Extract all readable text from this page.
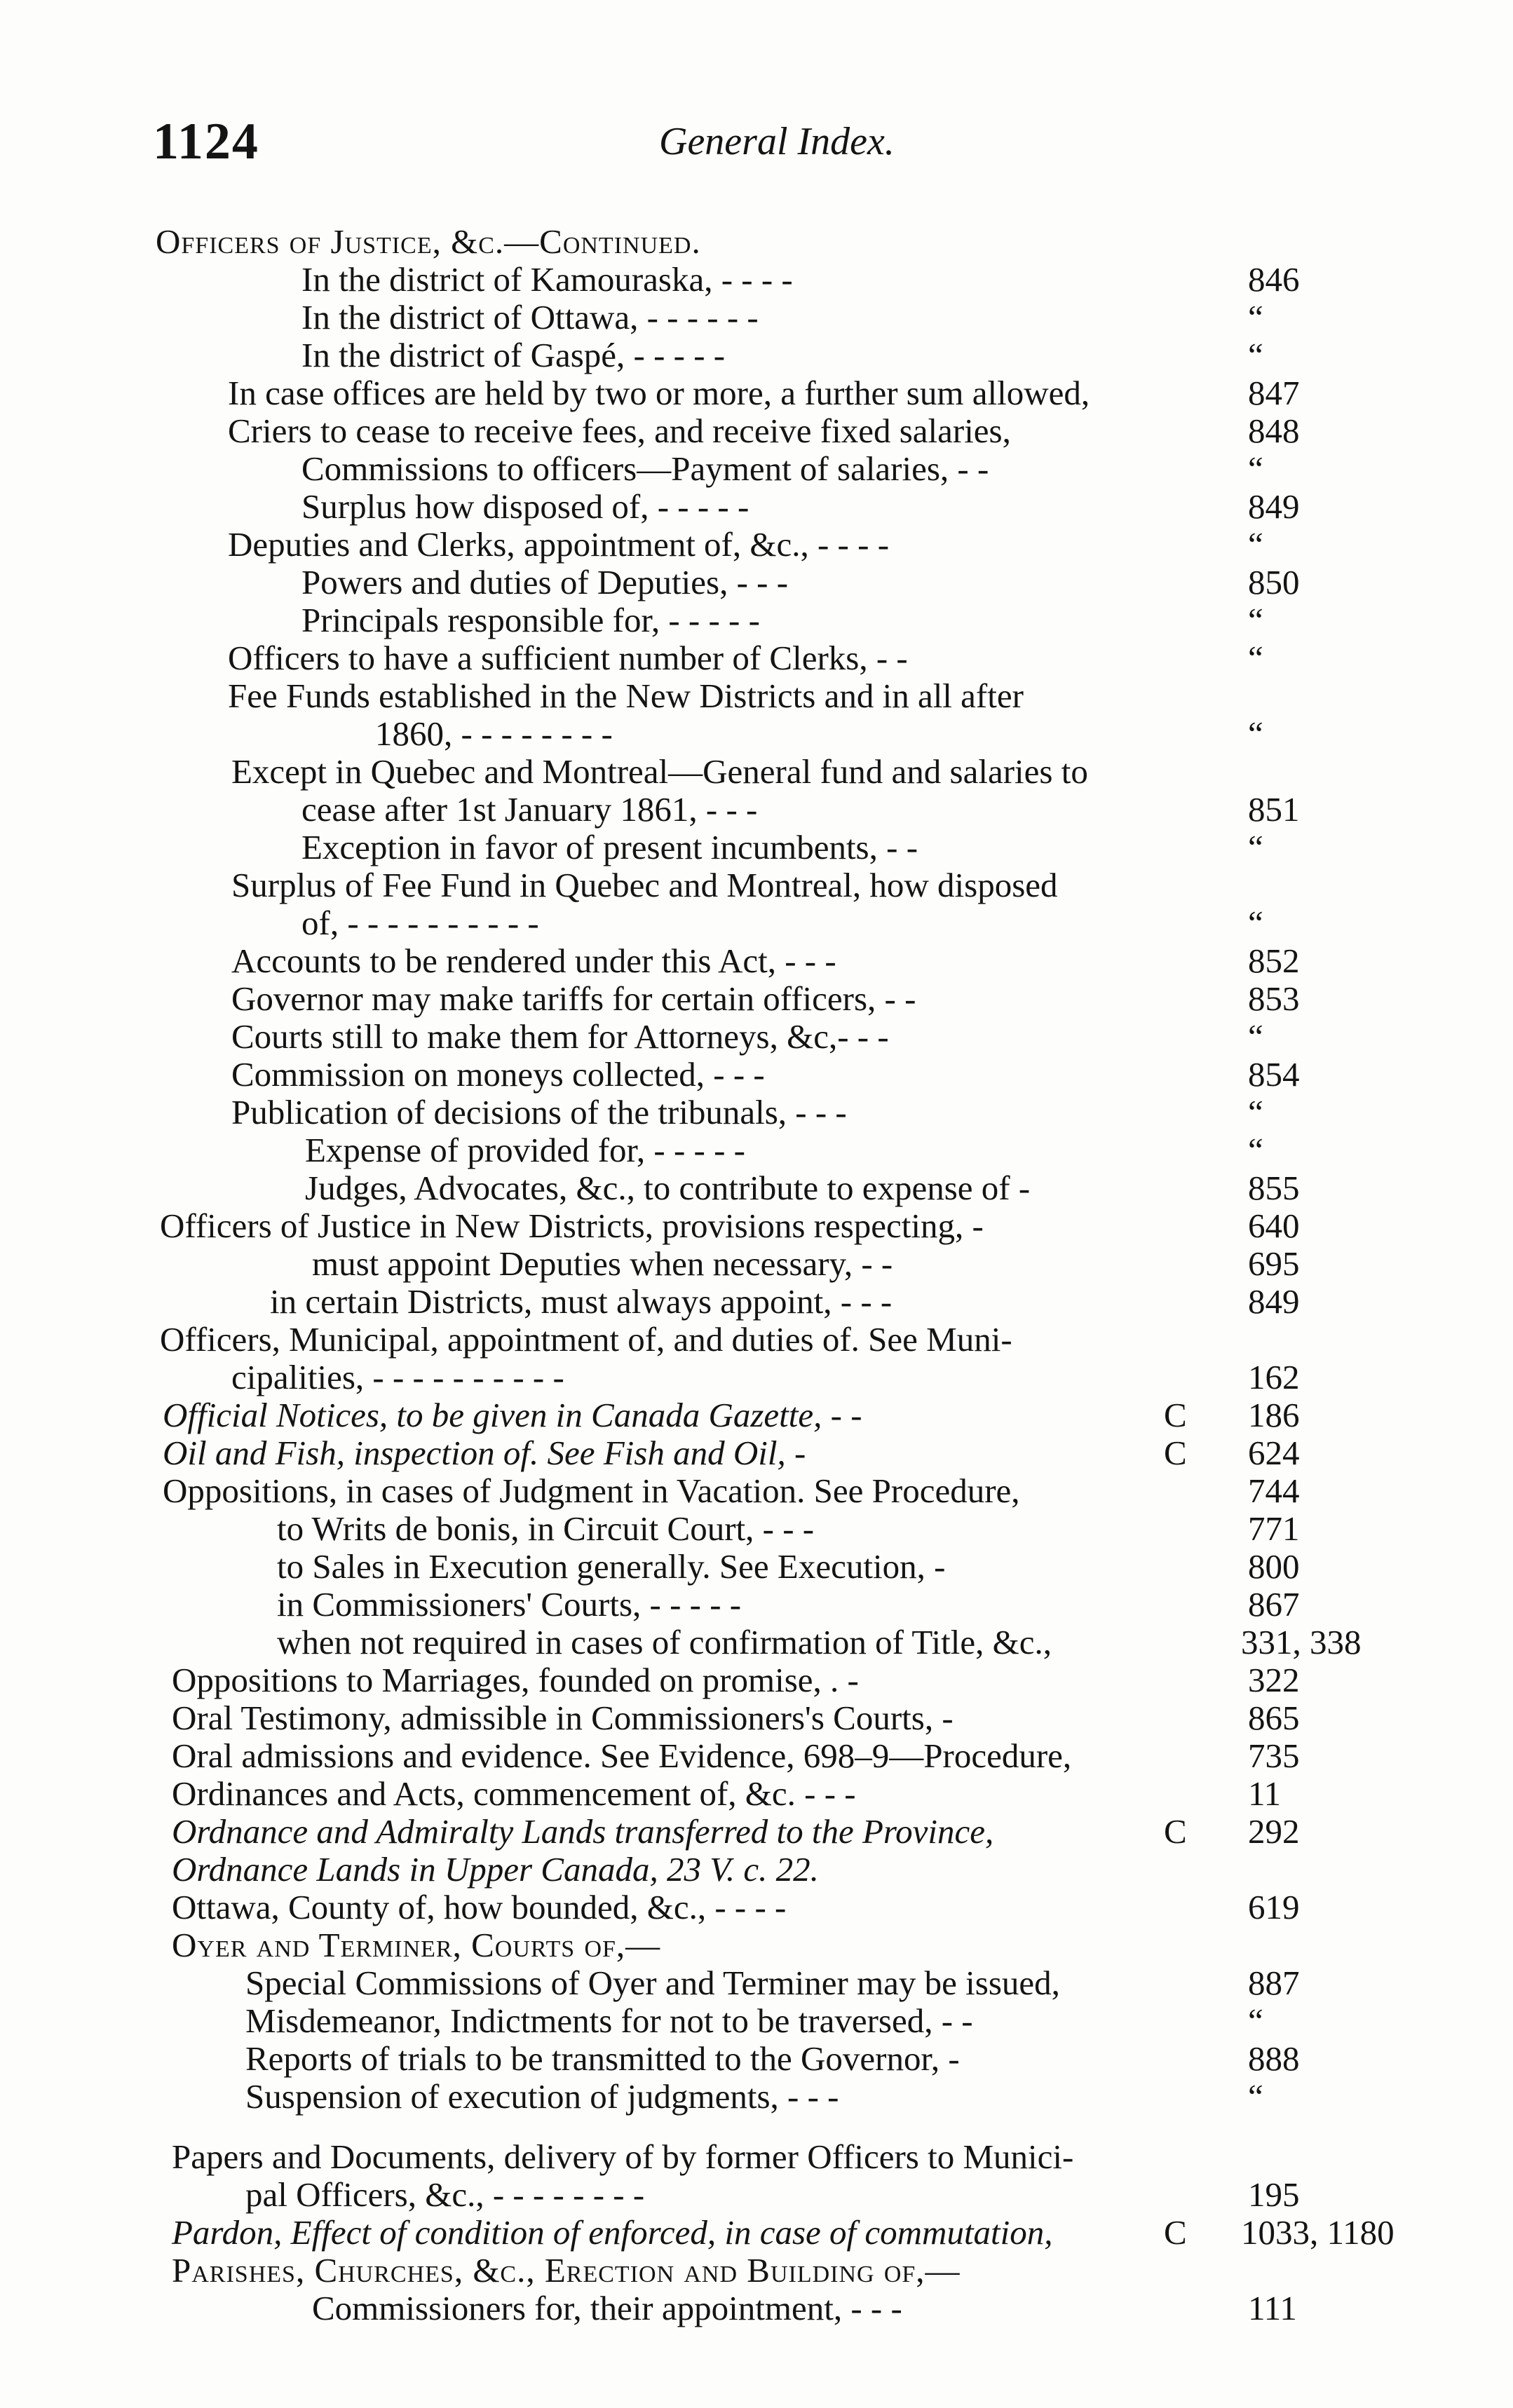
1124	General Index.
Officers of Justice, &c.—Continued.
In the district of Kamouraska, - - - -	846
In the district of Ottawa, - - - - - -	“
In the district of Gaspé, - - - - -	“
In case offices are held by two or more, a further sum allowed,	847
Criers to cease to receive fees, and receive fixed salaries,	848
Commissions to officers—Payment of salaries, - -	“
Surplus how disposed of, - - - - -	849
Deputies and Clerks, appointment of, &c., - - - -	“
Powers and duties of Deputies, - - -	850
Principals responsible for, - - - - -	“
Officers to have a sufficient number of Clerks, - -	“
Fee Funds established in the New Districts and in all after
1860, - - - - - - - -	“
Except in Quebec and Montreal—General fund and salaries to
cease after 1st January 1861, - - -	851
Exception in favor of present incumbents, - -	“
Surplus of Fee Fund in Quebec and Montreal, how disposed
of, - - - - - - - - - -	“
Accounts to be rendered under this Act, - - -	852
Governor may make tariffs for certain officers, - -	853
Courts still to make them for Attorneys, &c,- - -	“
Commission on moneys collected, - - -	854
Publication of decisions of the tribunals, - - -	“
Expense of provided for, - - - - -	“
Judges, Advocates, &c., to contribute to expense of -	855
Officers of Justice in New Districts, provisions respecting, -	640
must appoint Deputies when necessary, - -	695
in certain Districts, must always appoint, - - -	849
Officers, Municipal, appointment of, and duties of. See Muni-
cipalities, - - - - - - - - - -	162
Official Notices, to be given in Canada Gazette, - -	C 186
Oil and Fish, inspection of. See Fish and Oil, -	C 624
Oppositions, in cases of Judgment in Vacation. See Procedure,	744
to Writs de bonis, in Circuit Court, - - -	771
to Sales in Execution generally. See Execution, -	800
in Commissioners' Courts, - - - - -	867
when not required in cases of confirmation of Title, &c.,	331, 338
Oppositions to Marriages, founded on promise, . -	322
Oral Testimony, admissible in Commissioners's Courts, -	865
Oral admissions and evidence. See Evidence, 698–9—Procedure,	735
Ordinances and Acts, commencement of, &c. - - -	11
Ordnance and Admiralty Lands transferred to the Province,	C 292
Ordnance Lands in Upper Canada, 23 V. c. 22.
Ottawa, County of, how bounded, &c., - - - -	619
Oyer and Terminer, Courts of,—
Special Commissions of Oyer and Terminer may be issued,	887
Misdemeanor, Indictments for not to be traversed, - -	“
Reports of trials to be transmitted to the Governor, -	888
Suspension of execution of judgments, - - -	“
Papers and Documents, delivery of by former Officers to Munici-
pal Officers, &c., - - - - - - - -	195
Pardon, Effect of condition of enforced, in case of commutation,	C 1033, 1180
Parishes, Churches, &c., Erection and Building of,—
Commissioners for, their appointment, - - -	111
